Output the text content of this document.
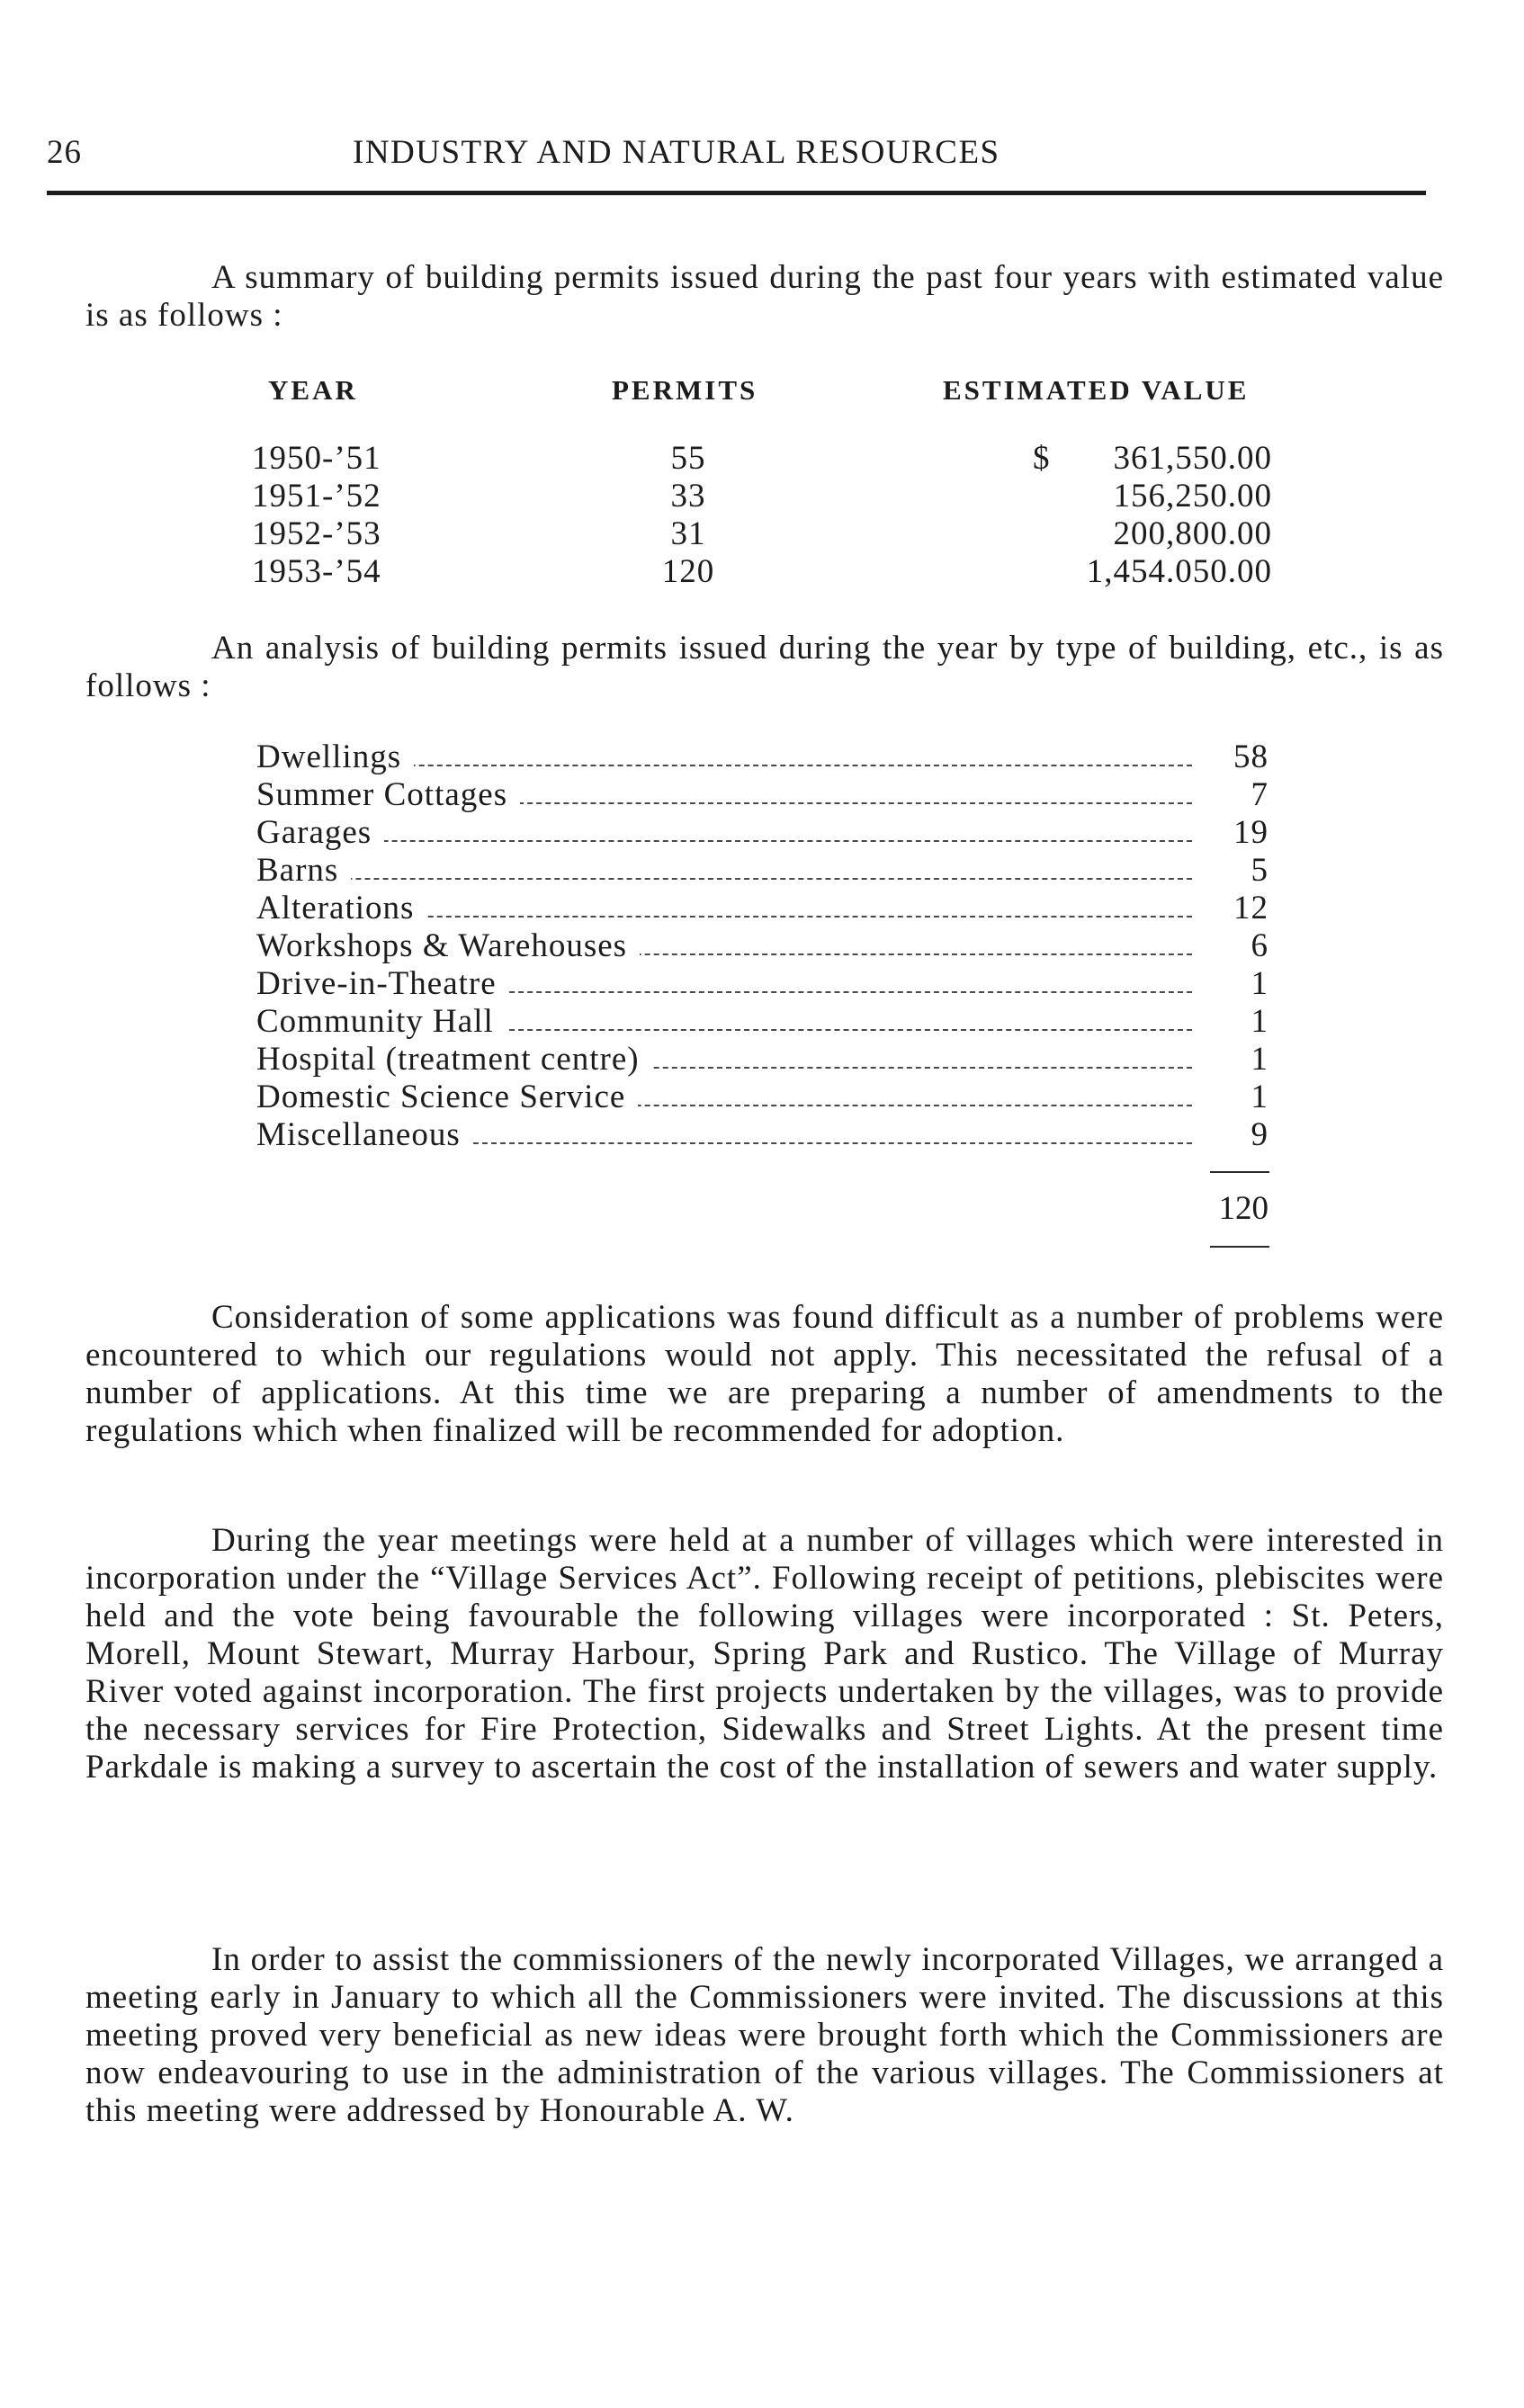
26	INDUSTRY AND NATURAL RESOURCES

A summary of building permits issued during the past four years with estimated value is as follows :

YEAR	PERMITS	ESTIMATED VALUE
1950-’51	55	$ 361,550.00
1951-’52	33	156,250.00
1952-’53	31	200,800.00
1953-’54	120	1,454.050.00

An analysis of building permits issued during the year by type of building, etc., is as follows :

Dwellings	58
Summer Cottages	7
Garages	19
Barns	5
Alterations	12
Workshops & Warehouses	6
Drive-in-Theatre	1
Community Hall	1
Hospital (treatment centre)	1
Domestic Science Service	1
Miscellaneous	9
120

Consideration of some applications was found difficult as a number of problems were encountered to which our regulations would not apply. This necessitated the refusal of a number of applications. At this time we are preparing a number of amendments to the regulations which when finalized will be recommended for adoption.

During the year meetings were held at a number of villages which were interested in incorporation under the “Village Services Act”. Following receipt of petitions, plebiscites were held and the vote being favourable the following villages were incorporated : St. Peters, Morell, Mount Stewart, Murray Harbour, Spring Park and Rustico. The Village of Murray River voted against incorporation. The first projects undertaken by the villages, was to provide the necessary services for Fire Protection, Sidewalks and Street Lights. At the present time Parkdale is making a survey to ascertain the cost of the installation of sewers and water supply.

In order to assist the commissioners of the newly incorporated Villages, we arranged a meeting early in January to which all the Commissioners were invited. The discussions at this meeting proved very beneficial as new ideas were brought forth which the Commissioners are now endeavouring to use in the administration of the various villages. The Commissioners at this meeting were addressed by Honourable A. W.
